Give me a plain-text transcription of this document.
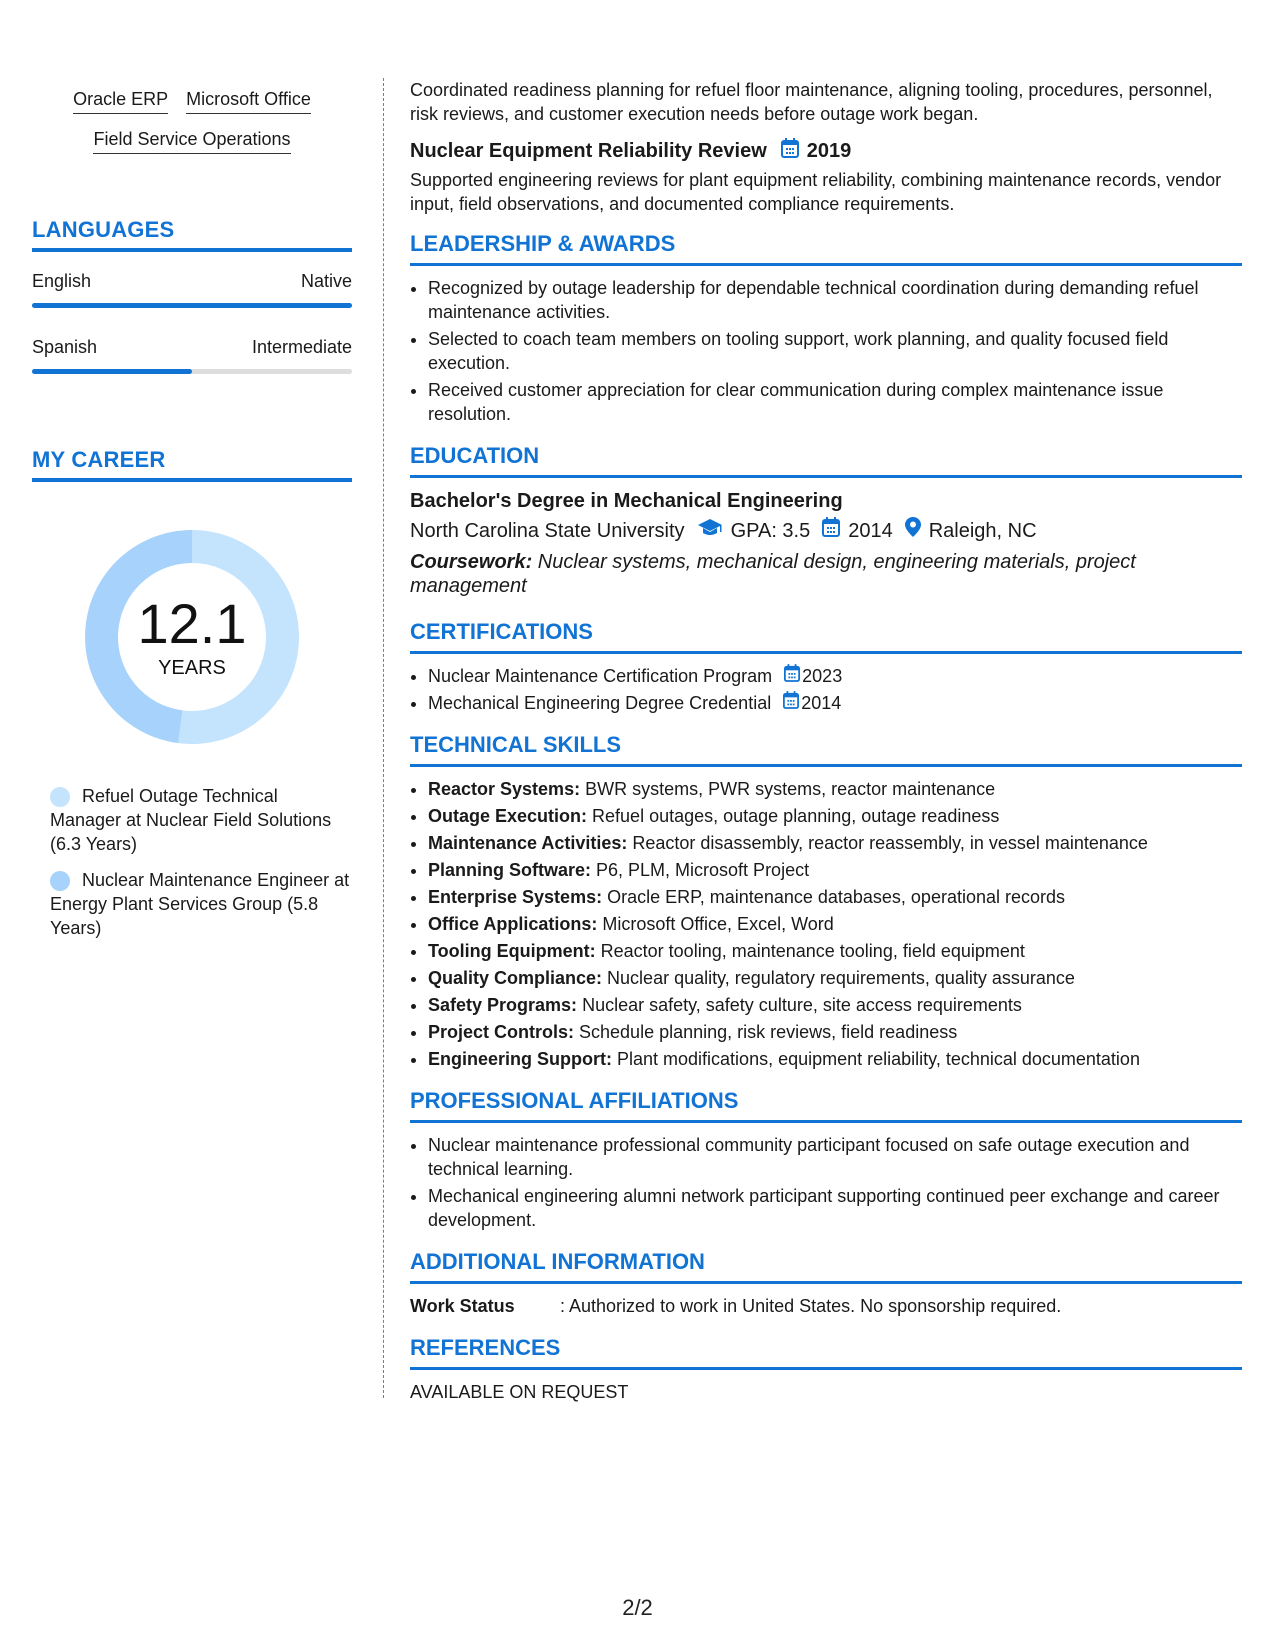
Oracle ERP Microsoft Office
Field Service Operations
LANGUAGES
English	Native
Spanish	Intermediate
MY CAREER
12.1
YEARS
Refuel Outage Technical Manager at Nuclear Field Solutions (6.3 Years)
Nuclear Maintenance Engineer at Energy Plant Services Group (5.8 Years)

Coordinated readiness planning for refuel floor maintenance, aligning tooling, procedures, personnel, risk reviews, and customer execution needs before outage work began.

Nuclear Equipment Reliability Review 2019

Supported engineering reviews for plant equipment reliability, combining maintenance records, vendor input, field observations, and documented compliance requirements.

LEADERSHIP & AWARDS
• Recognized by outage leadership for dependable technical coordination during demanding refuel maintenance activities.
• Selected to coach team members on tooling support, work planning, and quality focused field execution.
• Received customer appreciation for clear communication during complex maintenance issue resolution.
EDUCATION
Bachelor's Degree in Mechanical Engineering
North Carolina State University GPA: 3.5 2014 Raleigh, NC
Coursework: Nuclear systems, mechanical design, engineering materials, project management
CERTIFICATIONS
• Nuclear Maintenance Certification Program 2023
• Mechanical Engineering Degree Credential 2014
TECHNICAL SKILLS
• Reactor Systems: BWR systems, PWR systems, reactor maintenance
• Outage Execution: Refuel outages, outage planning, outage readiness
• Maintenance Activities: Reactor disassembly, reactor reassembly, in vessel maintenance
• Planning Software: P6, PLM, Microsoft Project
• Enterprise Systems: Oracle ERP, maintenance databases, operational records
• Office Applications: Microsoft Office, Excel, Word
• Tooling Equipment: Reactor tooling, maintenance tooling, field equipment
• Quality Compliance: Nuclear quality, regulatory requirements, quality assurance
• Safety Programs: Nuclear safety, safety culture, site access requirements
• Project Controls: Schedule planning, risk reviews, field readiness
• Engineering Support: Plant modifications, equipment reliability, technical documentation
PROFESSIONAL AFFILIATIONS
• Nuclear maintenance professional community participant focused on safe outage execution and technical learning.
• Mechanical engineering alumni network participant supporting continued peer exchange and career development.
ADDITIONAL INFORMATION
Work Status	: Authorized to work in United States. No sponsorship required.
REFERENCES

AVAILABLE ON REQUEST

2/2
